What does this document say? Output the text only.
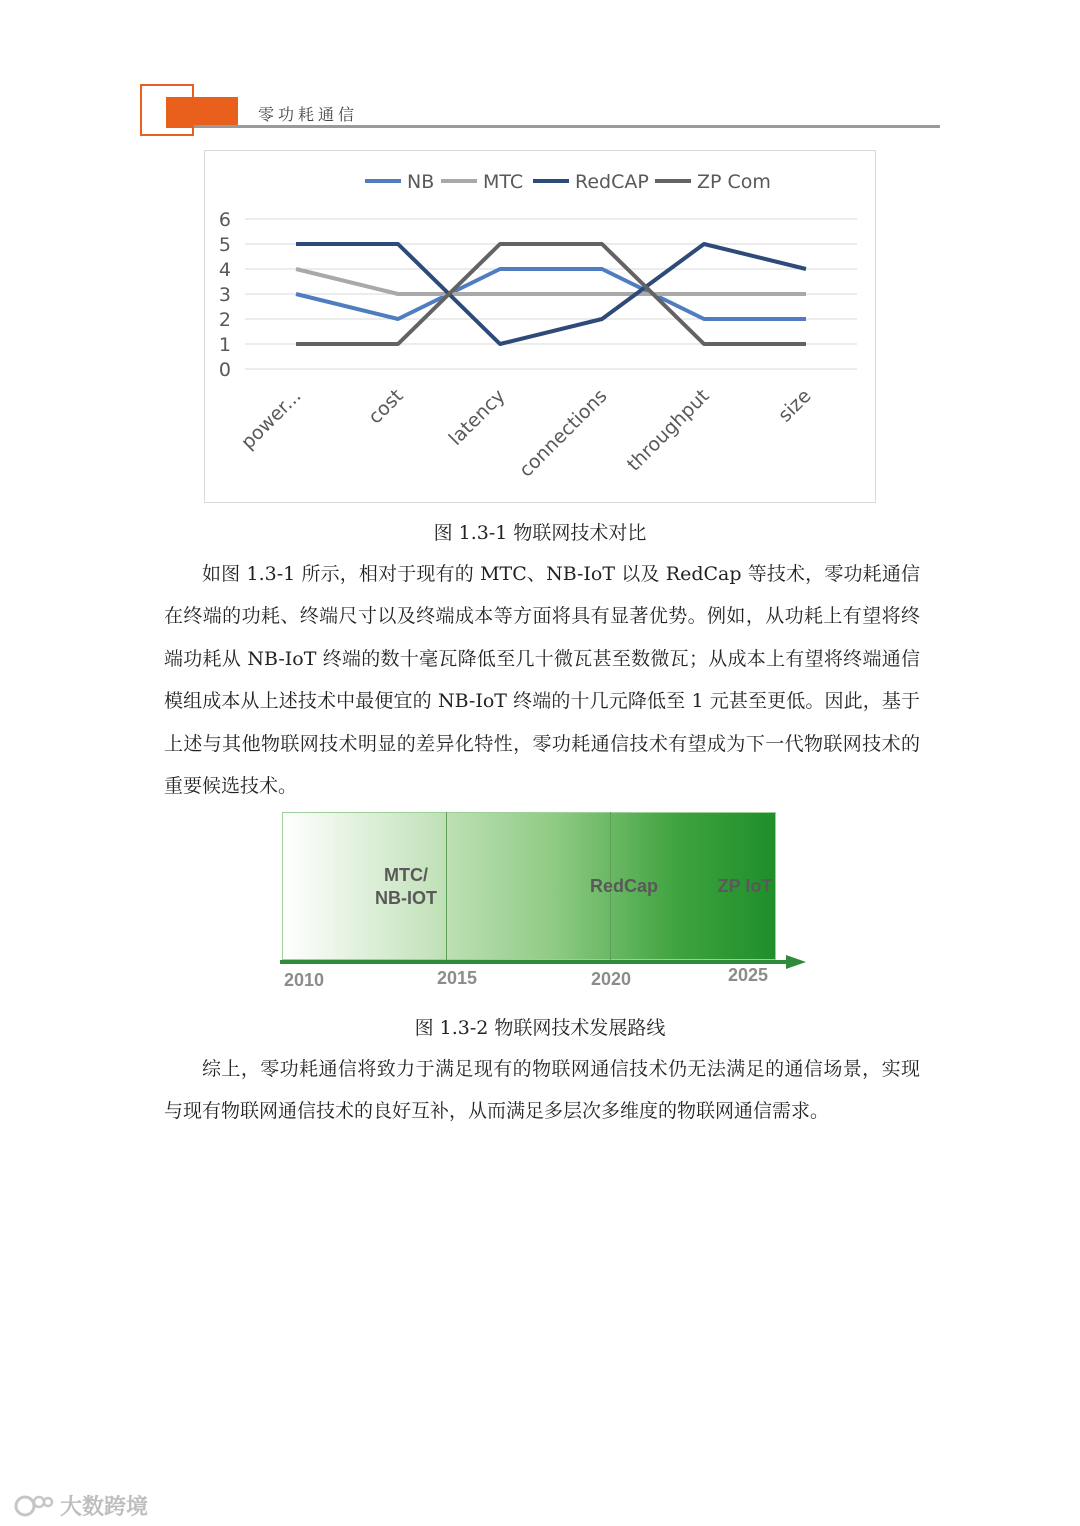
零功耗通信
0
1
2
3
4
5
6
power...	cost latency connections throughput	size
NB	MTC	RedCAP	ZP Com
图 1.3-1 物联网技术对比

如图 1.3-1 所示，相对于现有的 MTC、NB-IoT 以及 RedCap 等技术，零功耗通信在终端的功耗、终端尺寸以及终端成本等方面将具有显著优势。例如，从功耗上有望将终端功耗从 NB-IoT 终端的数十毫瓦降低至几十微瓦甚至数微瓦；从成本上有望将终端通信模组成本从上述技术中最便宜的 NB-IoT 终端的十几元降低至 1 元甚至更低。因此，基于上述与其他物联网技术明显的差异化特性，零功耗通信技术有望成为下一代物联网技术的重要候选技术。

MTC/
NB-IOT
RedCap	ZP IoT
2010	2015	2020	2025
图 1.3-2 物联网技术发展路线

综上，零功耗通信将致力于满足现有的物联网通信技术仍无法满足的通信场景，实现与现有物联网通信技术的良好互补，从而满足多层次多维度的物联网通信需求。

大数跨境
